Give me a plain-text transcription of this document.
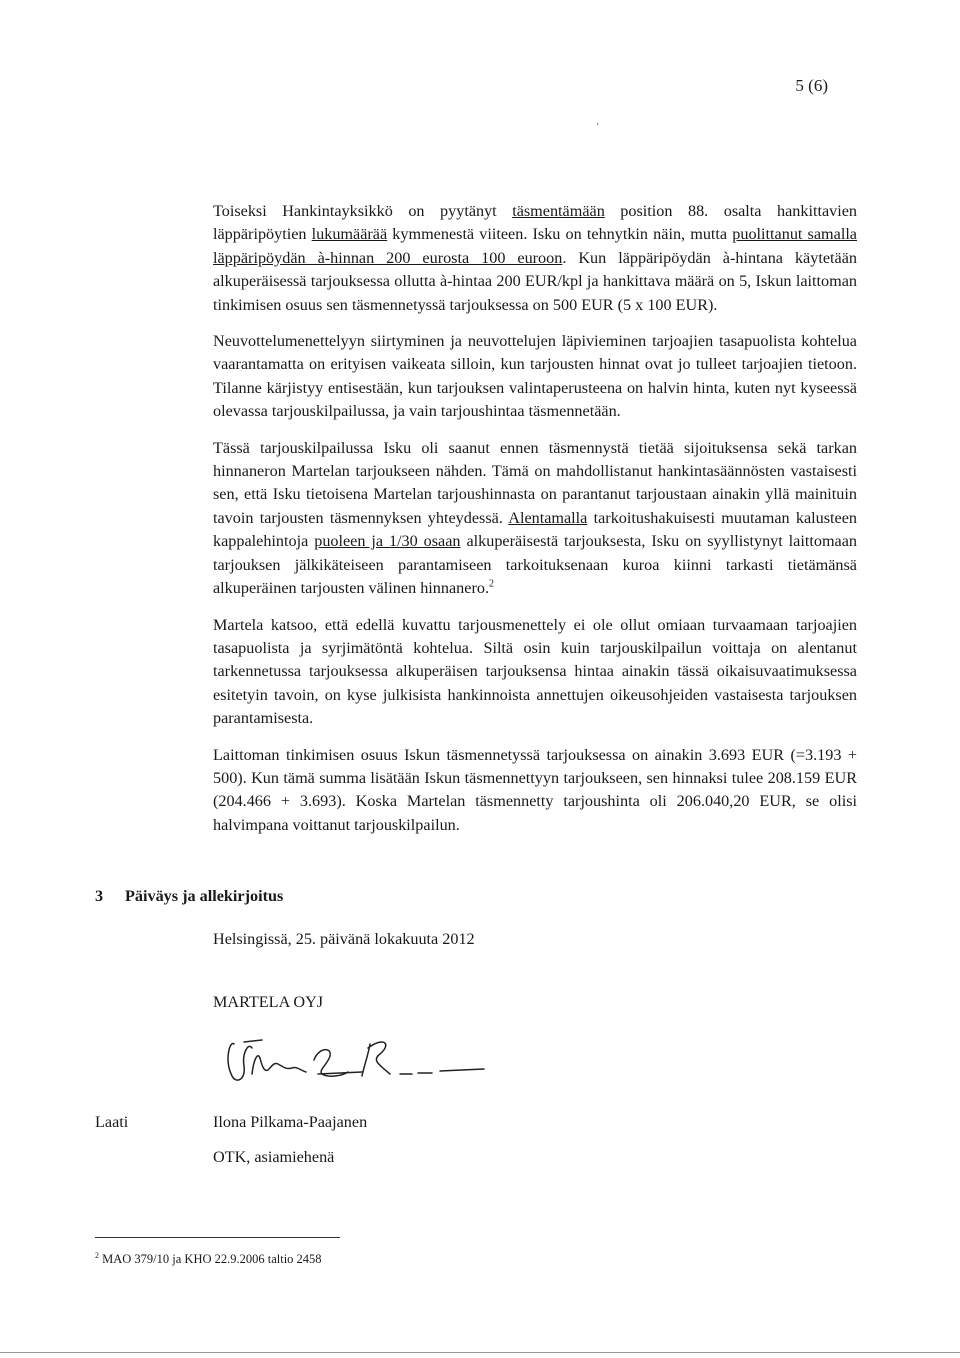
5 (6)
ʼ

Toiseksi Hankintayksikkö on pyytänyt täsmentämään position 88. osalta hankittavien läppäripöytien lukumäärää kymmenestä viiteen. Isku on tehnytkin näin, mutta puolittanut samalla läppäripöydän à-hinnan 200 eurosta 100 euroon. Kun läppäripöydän à-hintana käytetään alkuperäisessä tarjouksessa ollutta à-hintaa 200 EUR/kpl ja hankittava määrä on 5, Iskun laittoman tinkimisen osuus sen täsmennetyssä tarjouksessa on 500 EUR (5 x 100 EUR).

Neuvottelumenettelyyn siirtyminen ja neuvottelujen läpivieminen tarjoajien tasapuolista kohtelua vaarantamatta on erityisen vaikeata silloin, kun tarjousten hinnat ovat jo tulleet tarjoajien tietoon. Tilanne kärjistyy entisestään, kun tarjouksen valintaperusteena on halvin hinta, kuten nyt kyseessä olevassa tarjouskilpailussa, ja vain tarjoushintaa täsmennetään.

Tässä tarjouskilpailussa Isku oli saanut ennen täsmennystä tietää sijoituksensa sekä tarkan hinnaneron Martelan tarjoukseen nähden. Tämä on mahdollistanut hankintasäännösten vastaisesti sen, että Isku tietoisena Martelan tarjoushinnasta on parantanut tarjoustaan ainakin yllä mainituin tavoin tarjousten täsmennyksen yhteydessä. Alentamalla tarkoitushakuisesti muutaman kalusteen kappalehintoja puoleen ja 1/30 osaan alkuperäisestä tarjouksesta, Isku on syyllistynyt laittomaan tarjouksen jälkikäteiseen parantamiseen tarkoituksenaan kuroa kiinni tarkasti tietämänsä alkuperäinen tarjousten välinen hinnanero.$^2$

Martela katsoo, että edellä kuvattu tarjousmenettely ei ole ollut omiaan turvaamaan tarjoajien tasapuolista ja syrjimätöntä kohtelua. Siltä osin kuin tarjouskilpailun voittaja on alentanut tarkennetussa tarjouksessa alkuperäisen tarjouksensa hintaa ainakin tässä oikaisuvaatimuksessa esitetyin tavoin, on kyse julkisista hankinnoista annettujen oikeusohjeiden vastaisesta tarjouksen parantamisesta.

Laittoman tinkimisen osuus Iskun täsmennetyssä tarjouksessa on ainakin 3.693 EUR (=3.193 + 500). Kun tämä summa lisätään Iskun täsmennettyyn tarjoukseen, sen hinnaksi tulee 208.159 EUR (204.466 + 3.693). Koska Martelan täsmennetty tarjoushinta oli 206.040,20 EUR, se olisi halvimpana voittanut tarjouskilpailun.

3 Päiväys ja allekirjoitus
Helsingissä, 25. päivänä lokakuuta 2012
MARTELA OYJ
Laati	Ilona Pilkama-Paajanen
OTK, asiamiehenä
$^2$ MAO 379/10 ja KHO 22.9.2006 taltio 2458
